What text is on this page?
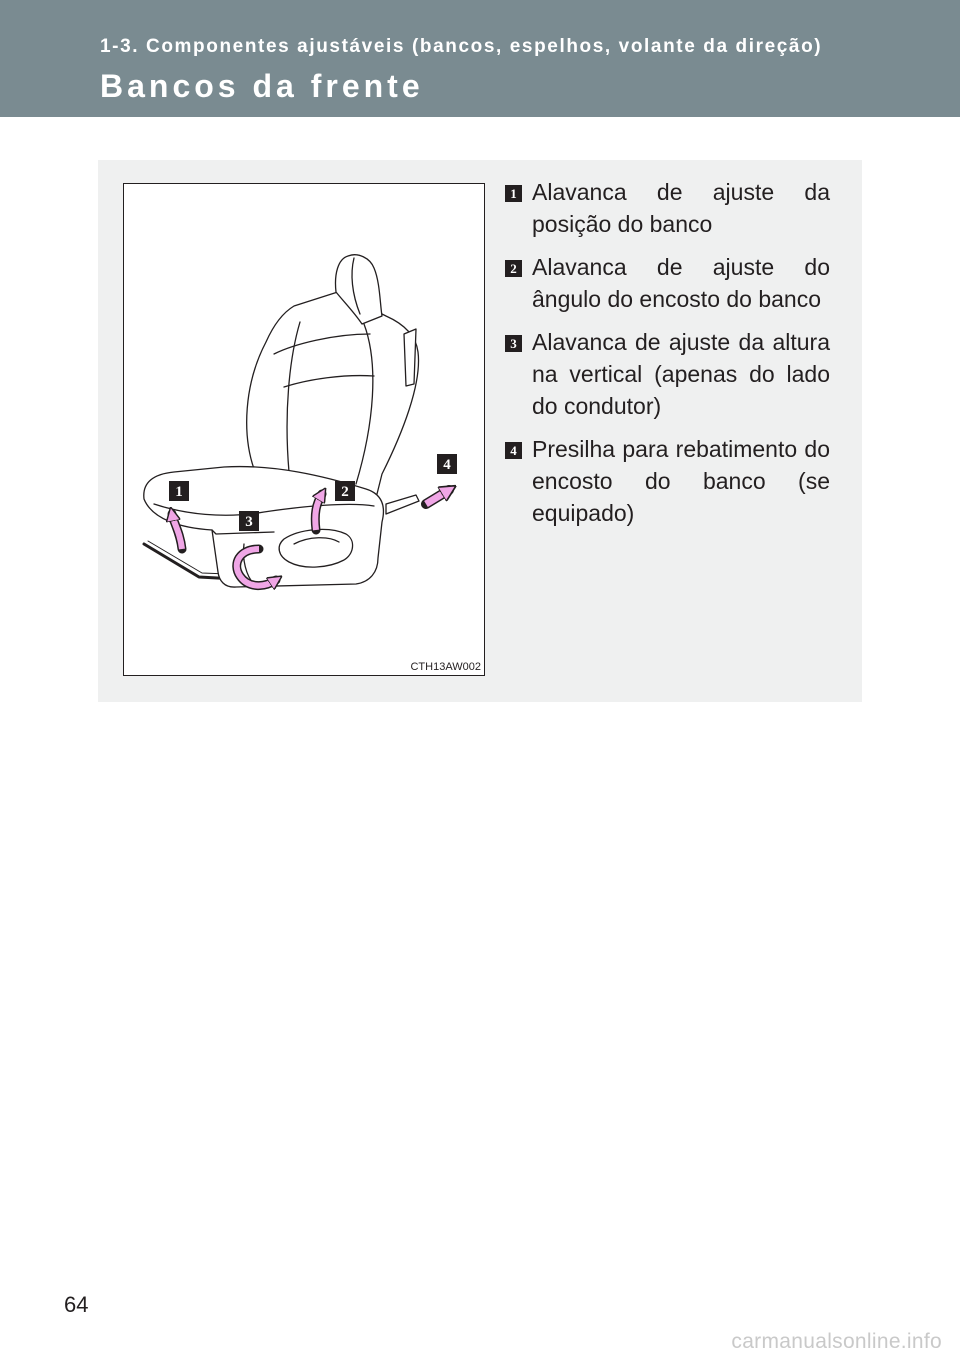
1-3. Componentes ajustáveis (bancos, espelhos, volante da direção)
Bancos da frente
1	2
3
4
CTH13AW002
1 Alavanca de ajuste da posição do banco
2 Alavanca de ajuste do ângulo do encosto do banco
3 Alavanca de ajuste da altura na vertical (apenas do lado do condutor)
4 Presilha para rebatimento do encosto do banco (se equipado)
64
carmanualsonline.info
